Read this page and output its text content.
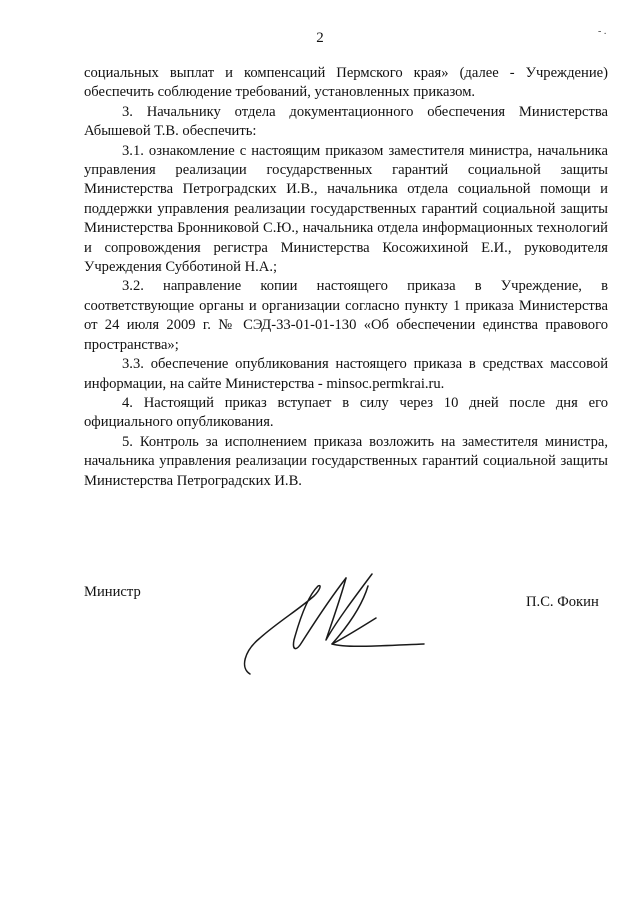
- .
2

социальных выплат и компенсаций Пермского края» (далее - Учреждение) обеспечить соблюдение требований, установленных приказом.

3. Начальнику отдела документационного обеспечения Министерства Абышевой Т.В. обеспечить:

3.1. ознакомление с настоящим приказом заместителя министра, начальника управления реализации государственных гарантий социальной защиты Министерства Петроградских И.В., начальника отдела социальной помощи и поддержки управления реализации государственных гарантий социальной защиты Министерства Бронниковой С.Ю., начальника отдела информационных технологий и сопровождения регистра Министерства Косожихиной Е.И., руководителя Учреждения Субботиной Н.А.;

3.2. направление копии настоящего приказа в Учреждение, в соответствующие органы и организации согласно пункту 1 приказа Министерства от 24 июля 2009 г. № СЭД-33-01-01-130 «Об обеспечении единства правового пространства»;

3.3. обеспечение опубликования настоящего приказа в средствах массовой информации, на сайте Министерства - minsoc.permkrai.ru.

4. Настоящий приказ вступает в силу через 10 дней после дня его официального опубликования.

5. Контроль за исполнением приказа возложить на заместителя министра, начальника управления реализации государственных гарантий социальной защиты Министерства Петроградских И.В.

Министр
П.С. Фокин
